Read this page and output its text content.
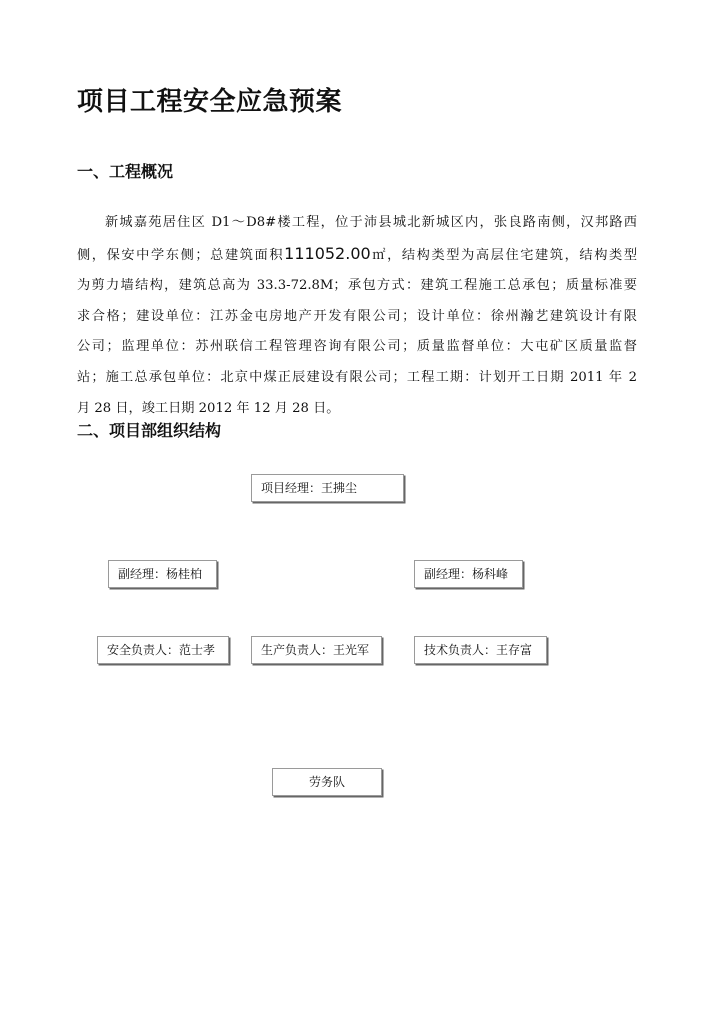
项目工程安全应急预案
一、工程概况
新城嘉苑居住区 D1～D8#楼工程，位于沛县城北新城区内，张良路南侧，汉邦路西
侧，保安中学东侧；总建筑面积111052.00㎡，结构类型为高层住宅建筑，结构类型
为剪力墙结构，建筑总高为 33.3-72.8M；承包方式：建筑工程施工总承包；质量标准要
求合格；建设单位：江苏金屯房地产开发有限公司；设计单位：徐州瀚艺建筑设计有限
公司；监理单位：苏州联信工程管理咨询有限公司；质量监督单位：大屯矿区质量监督
站；施工总承包单位：北京中煤正辰建设有限公司；工程工期：计划开工日期 2011 年 2
月 28 日，竣工日期 2012 年 12 月 28 日。
二、项目部组织结构
项目经理：王拂尘
副经理：杨桂柏	副经理：杨科峰
安全负责人：范士孝	生产负责人：王光军	技术负责人：王存富
劳务队
